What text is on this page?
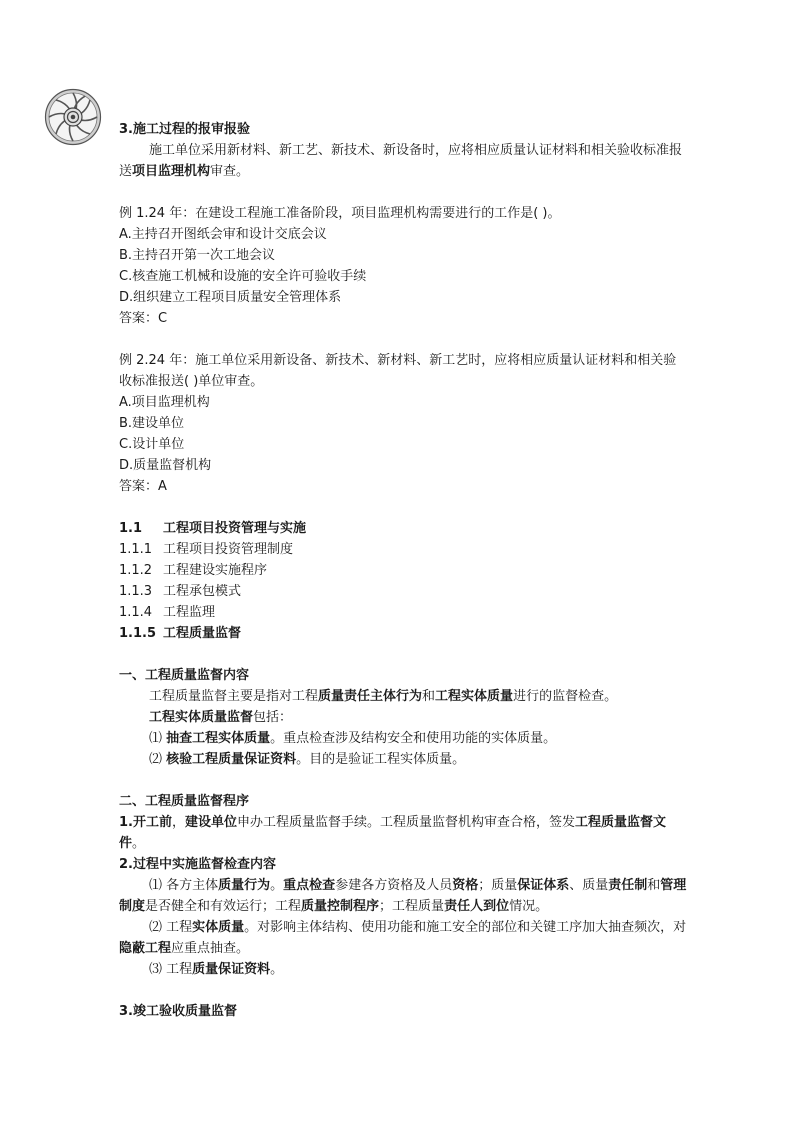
3.施工过程的报审报验
施工单位采用新材料、新工艺、新技术、新设备时，应将相应质量认证材料和相关验收标准报送项目监理机构审查。
例 1.24 年：在建设工程施工准备阶段，项目监理机构需要进行的工作是( )。
A.主持召开图纸会审和设计交底会议
B.主持召开第一次工地会议
C.核查施工机械和设施的安全许可验收手续
D.组织建立工程项目质量安全管理体系
答案：C
例 2.24 年：施工单位采用新设备、新技术、新材料、新工艺时，应将相应质量认证材料和相关验收标准报送( )单位审查。
A.项目监理机构
B.建设单位
C.设计单位
D.质量监督机构
答案：A
1.1 工程项目投资管理与实施
1.1.1 工程项目投资管理制度
1.1.2 工程建设实施程序
1.1.3 工程承包模式
1.1.4 工程监理
1.1.5 工程质量监督
一、工程质量监督内容
工程质量监督主要是指对工程质量责任主体行为和工程实体质量进行的监督检查。
工程实体质量监督包括：
⑴ 抽查工程实体质量。重点检查涉及结构安全和使用功能的实体质量。
⑵ 核验工程质量保证资料。目的是验证工程实体质量。
二、工程质量监督程序
1.开工前，建设单位申办工程质量监督手续。工程质量监督机构审查合格，签发工程质量监督文件。
2.过程中实施监督检查内容
⑴ 各方主体质量行为。重点检查参建各方资格及人员资格；质量保证体系、质量责任制和管理制度是否健全和有效运行；工程质量控制程序；工程质量责任人到位情况。
⑵ 工程实体质量。对影响主体结构、使用功能和施工安全的部位和关键工序加大抽查频次，对隐蔽工程应重点抽查。
⑶ 工程质量保证资料。
3.竣工验收质量监督
